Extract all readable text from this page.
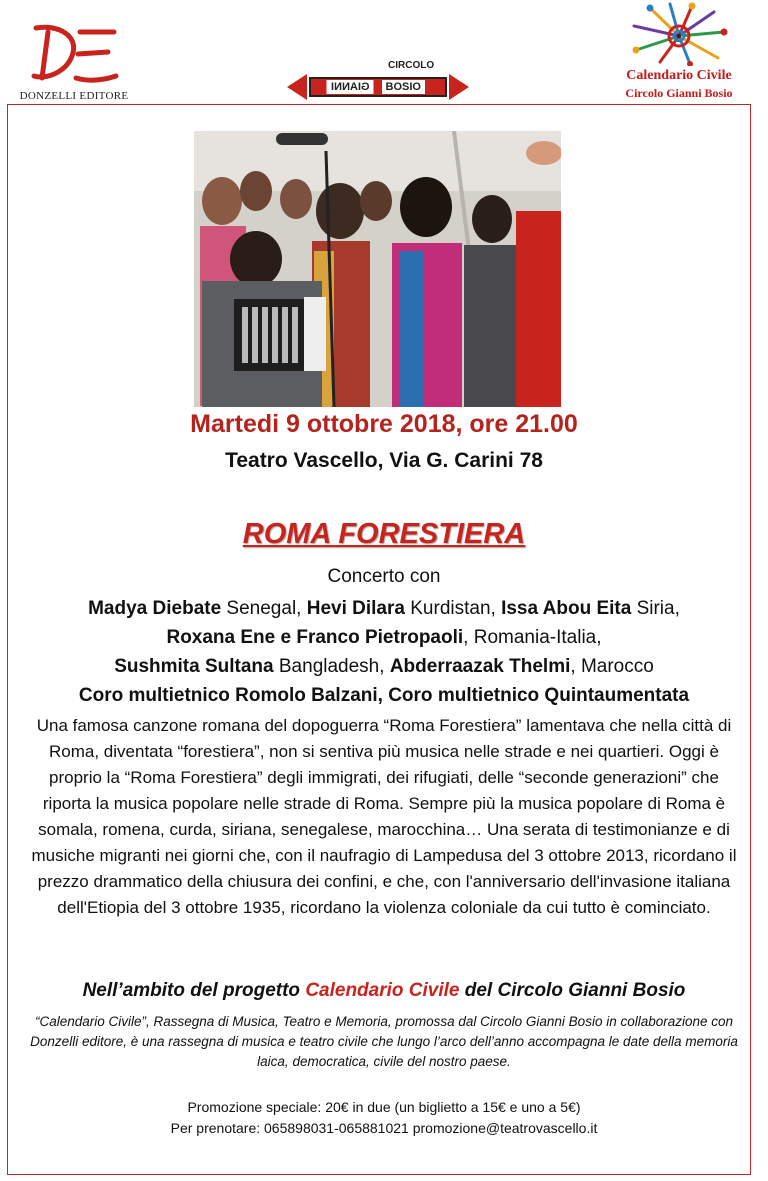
DONZELLI EDITORE
CIRCOLO
GIANNI	BOSIO
Calendario Civile
Circolo Gianni Bosio
Martedi 9 ottobre 2018, ore 21.00
Teatro Vascello, Via G. Carini 78
ROMA FORESTIERA
Concerto con
Madya Diebate Senegal, Hevi Dilara Kurdistan, Issa Abou Eita Siria,
Roxana Ene e Franco Pietropaoli, Romania-Italia,
Sushmita Sultana Bangladesh, Abderraazak Thelmi, Marocco
Coro multietnico Romolo Balzani, Coro multietnico Quintaumentata
Una famosa canzone romana del dopoguerra “Roma Forestiera” lamentava che nella città di Roma, diventata “forestiera”, non si sentiva più musica nelle strade e nei quartieri. Oggi è proprio la “Roma Forestiera” degli immigrati, dei rifugiati, delle “seconde generazioni” che riporta la musica popolare nelle strade di Roma. Sempre più la musica popolare di Roma è somala, romena, curda, siriana, senegalese, marocchina… Una serata di testimonianze e di musiche migranti nei giorni che, con il naufragio di Lampedusa del 3 ottobre 2013, ricordano il prezzo drammatico della chiusura dei confini, e che, con l'anniversario dell'invasione italiana dell'Etiopia del 3 ottobre 1935, ricordano la violenza coloniale da cui tutto è cominciato.
Nell’ambito del progetto Calendario Civile del Circolo Gianni Bosio
“Calendario Civile”, Rassegna di Musica, Teatro e Memoria, promossa dal Circolo Gianni Bosio in collaborazione con Donzelli editore, è una rassegna di musica e teatro civile che lungo l’arco dell’anno accompagna le date della memoria laica, democratica, civile del nostro paese.
Promozione speciale: 20€ in due (un biglietto a 15€ e uno a 5€)
Per prenotare: 065898031-065881021 promozione@teatrovascello.it
